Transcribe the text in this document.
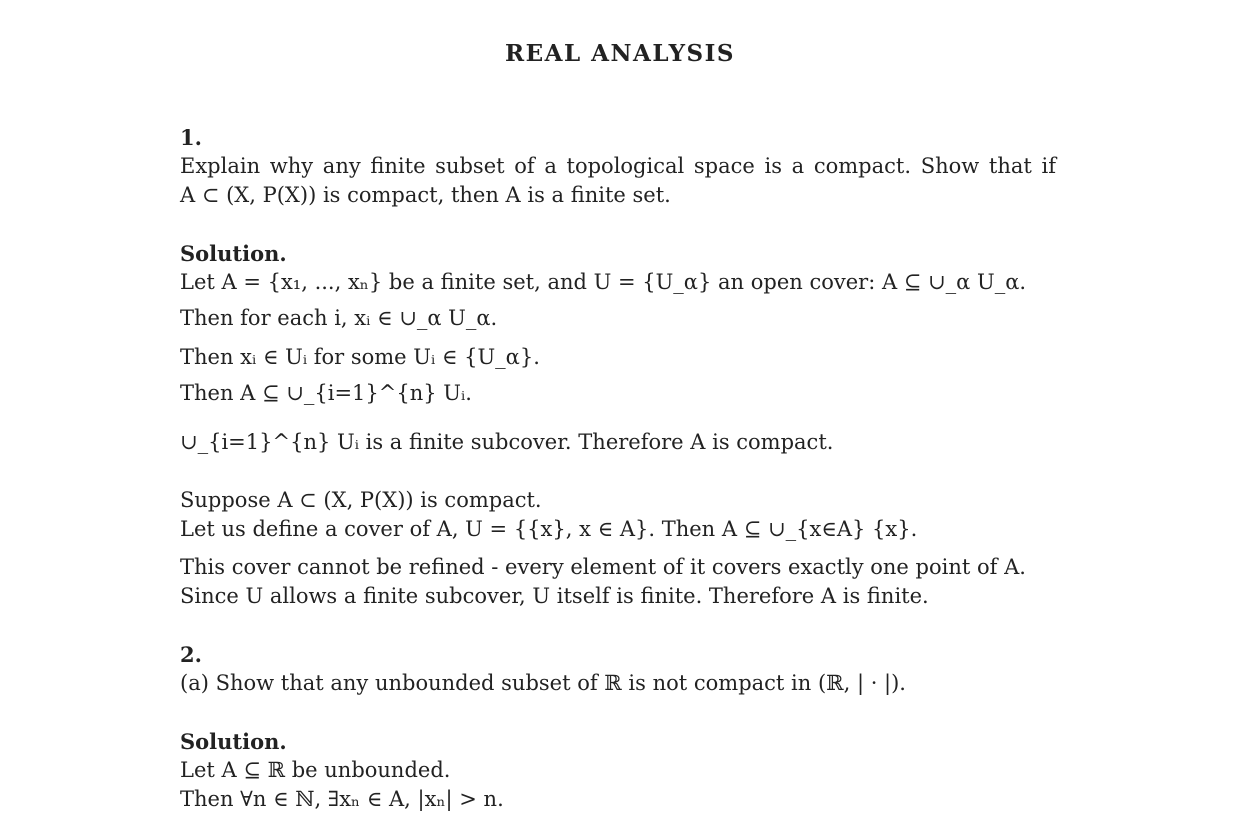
REAL ANALYSIS
1.
Explain why any finite subset of a topological space is a compact. Show that if
A ⊂ (X, P(X)) is compact, then A is a finite set.
Solution.
Let A = {x₁, ..., xₙ} be a finite set, and U = {U_α} an open cover: A ⊆ ∪_α U_α.
Then for each i, xᵢ ∈ ∪_α U_α.
Then xᵢ ∈ Uᵢ for some Uᵢ ∈ {U_α}.
Then A ⊆ ∪_{i=1}^{n} Uᵢ.
∪_{i=1}^{n} Uᵢ is a finite subcover. Therefore A is compact.
Suppose A ⊂ (X, P(X)) is compact.
Let us define a cover of A, U = {{x}, x ∈ A}. Then A ⊆ ∪_{x∈A} {x}.
This cover cannot be refined - every element of it covers exactly one point of A.
Since U allows a finite subcover, U itself is finite. Therefore A is finite.
2.
(a) Show that any unbounded subset of ℝ is not compact in (ℝ, | · |).
Solution.
Let A ⊆ ℝ be unbounded.
Then ∀n ∈ ℕ, ∃xₙ ∈ A, |xₙ| > n.
